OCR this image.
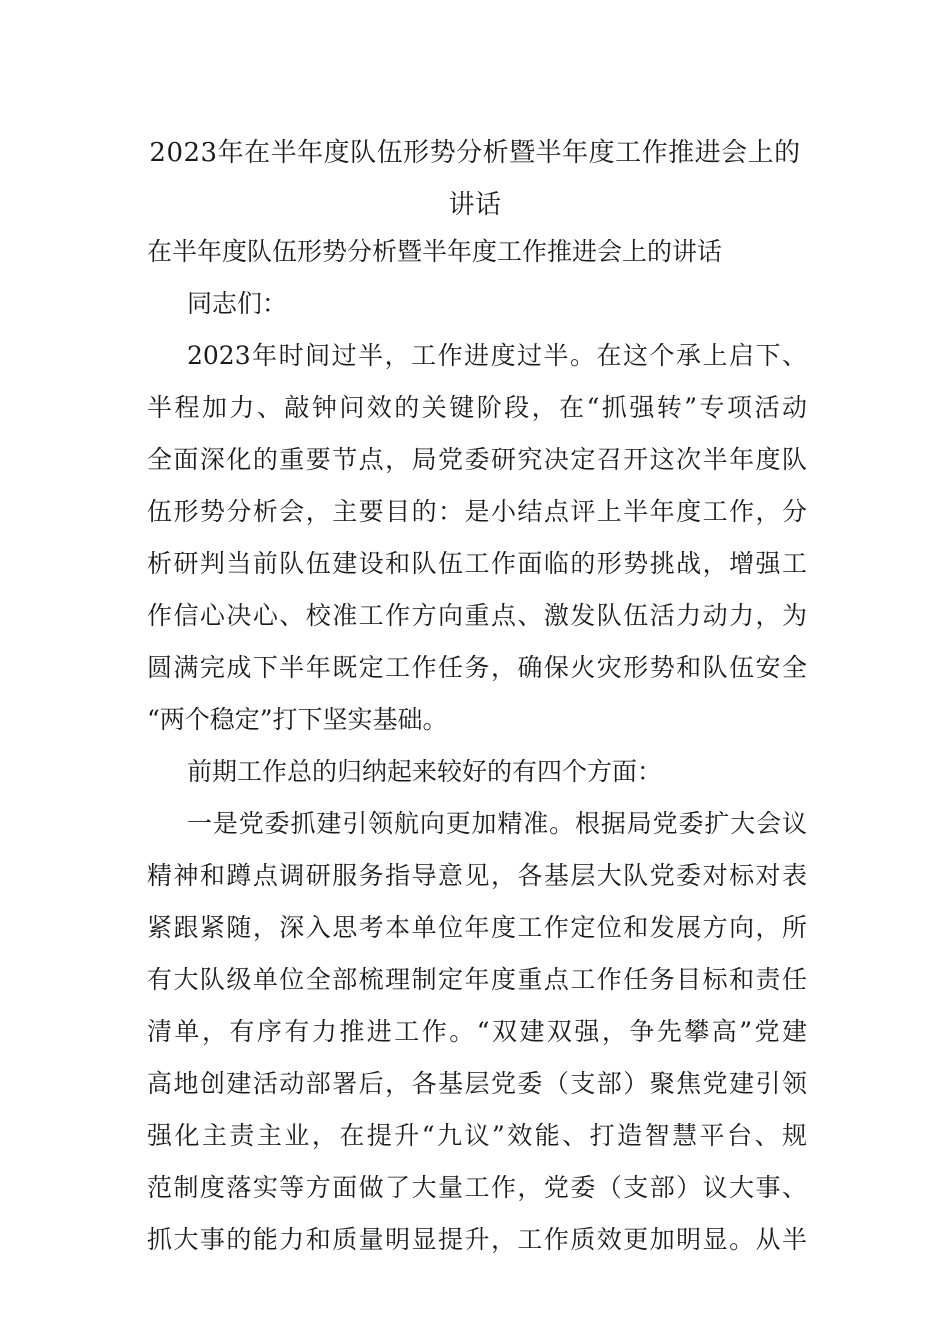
2023年在半年度队伍形势分析暨半年度工作推进会上的讲话
在半年度队伍形势分析暨半年度工作推进会上的讲话
同志们：
2023年时间过半，工作进度过半。在这个承上启下、
半程加力、敲钟问效的关键阶段，在“抓强转”专项活动
全面深化的重要节点，局党委研究决定召开这次半年度队
伍形势分析会，主要目的：是小结点评上半年度工作，分
析研判当前队伍建设和队伍工作面临的形势挑战，增强工
作信心决心、校准工作方向重点、激发队伍活力动力，为
圆满完成下半年既定工作任务，确保火灾形势和队伍安全
“两个稳定”打下坚实基础。
前期工作总的归纳起来较好的有四个方面：
一是党委抓建引领航向更加精准。根据局党委扩大会议
精神和蹲点调研服务指导意见，各基层大队党委对标对表
紧跟紧随，深入思考本单位年度工作定位和发展方向，所
有大队级单位全部梳理制定年度重点工作任务目标和责任
清单，有序有力推进工作。“双建双强，争先攀高”党建
高地创建活动部署后，各基层党委（支部）聚焦党建引领
强化主责主业，在提升“九议”效能、打造智慧平台、规
范制度落实等方面做了大量工作，党委（支部）议大事、
抓大事的能力和质量明显提升，工作质效更加明显。从半
